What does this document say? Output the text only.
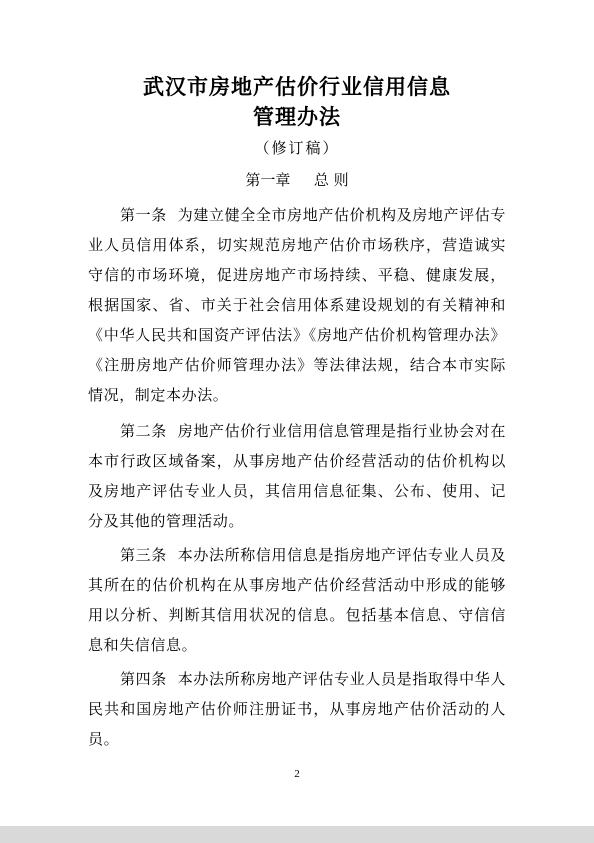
武汉市房地产估价行业信用信息
管理办法
（修订稿）
第一章 总 则

第一条 为建立健全全市房地产估价机构及房地产评估专业人员信用体系，切实规范房地产估价市场秩序，营造诚实守信的市场环境，促进房地产市场持续、平稳、健康发展，根据国家、省、市关于社会信用体系建设规划的有关精神和《中华人民共和国资产评估法》《房地产估价机构管理办法》《注册房地产估价师管理办法》等法律法规，结合本市实际情况，制定本办法。

第二条 房地产估价行业信用信息管理是指行业协会对在本市行政区域备案，从事房地产估价经营活动的估价机构以及房地产评估专业人员，其信用信息征集、公布、使用、记分及其他的管理活动。

第三条 本办法所称信用信息是指房地产评估专业人员及其所在的估价机构在从事房地产估价经营活动中形成的能够用以分析、判断其信用状况的信息。包括基本信息、守信信息和失信信息。

第四条 本办法所称房地产评估专业人员是指取得中华人民共和国房地产估价师注册证书，从事房地产估价活动的人员。

2
